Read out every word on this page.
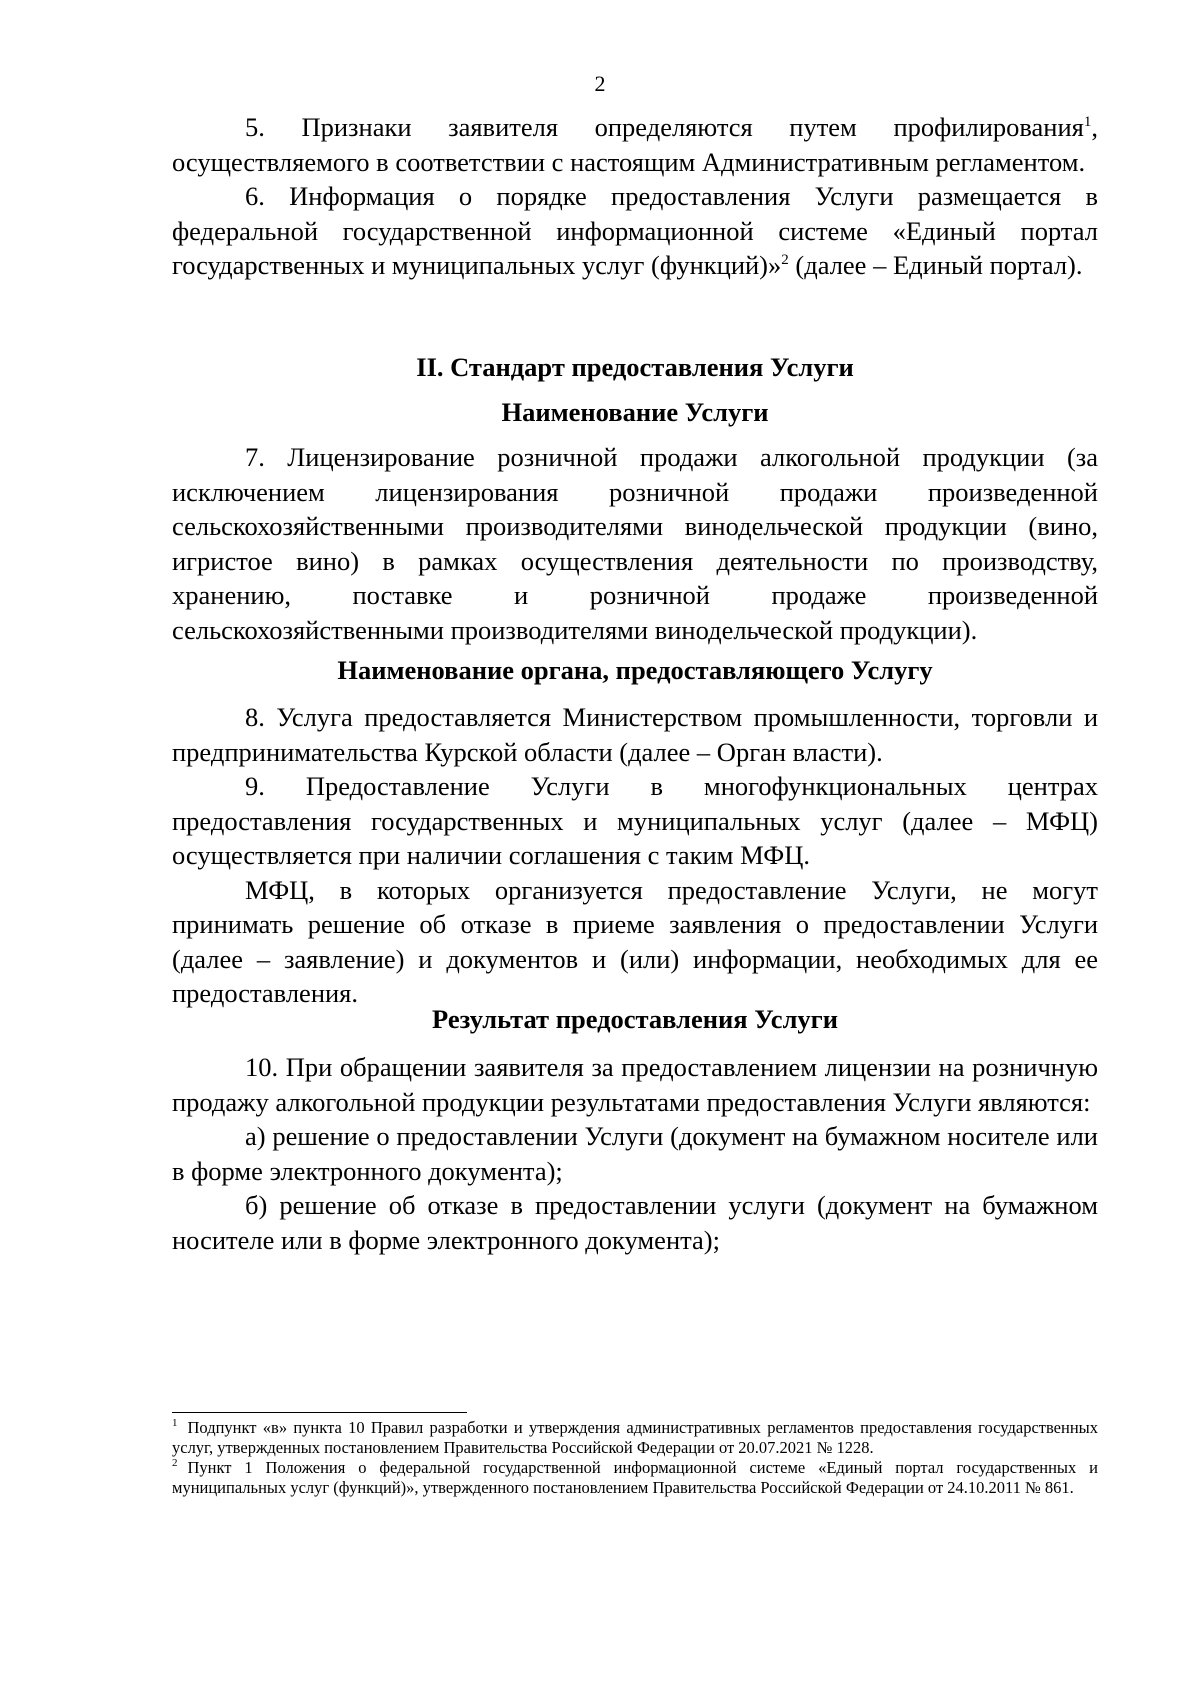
2

5. Признаки заявителя определяются путем профилирования$^1$, осуществляемого в соответствии с настоящим Административным регламентом.

6. Информация о порядке предоставления Услуги размещается в федеральной государственной информационной системе «Единый портал государственных и муниципальных услуг (функций)»$^2$ (далее – Единый портал).

II. Стандарт предоставления Услуги

Наименование Услуги

7. Лицензирование розничной продажи алкогольной продукции (за исключением лицензирования розничной продажи произведенной сельскохозяйственными производителями винодельческой продукции (вино, игристое вино) в рамках осуществления деятельности по производству, хранению, поставке и розничной продаже произведенной сельскохозяйственными производителями винодельческой продукции).

Наименование органа, предоставляющего Услугу

8. Услуга предоставляется Министерством промышленности, торговли и предпринимательства Курской области (далее – Орган власти).

9. Предоставление Услуги в многофункциональных центрах предоставления государственных и муниципальных услуг (далее – МФЦ) осуществляется при наличии соглашения с таким МФЦ.

МФЦ, в которых организуется предоставление Услуги, не могут принимать решение об отказе в приеме заявления о предоставлении Услуги (далее – заявление) и документов и (или) информации, необходимых для ее предоставления.

Результат предоставления Услуги

10. При обращении заявителя за предоставлением лицензии на розничную продажу алкогольной продукции результатами предоставления Услуги являются:

а) решение о предоставлении Услуги (документ на бумажном носителе или в форме электронного документа);

б) решение об отказе в предоставлении услуги (документ на бумажном носителе или в форме электронного документа);

$^1$ Подпункт «в» пункта 10 Правил разработки и утверждения административных регламентов предоставления государственных услуг, утвержденных постановлением Правительства Российской Федерации от 20.07.2021 № 1228.

$^2$ Пункт 1 Положения о федеральной государственной информационной системе «Единый портал государственных и муниципальных услуг (функций)», утвержденного постановлением Правительства Российской Федерации от 24.10.2011 № 861.
